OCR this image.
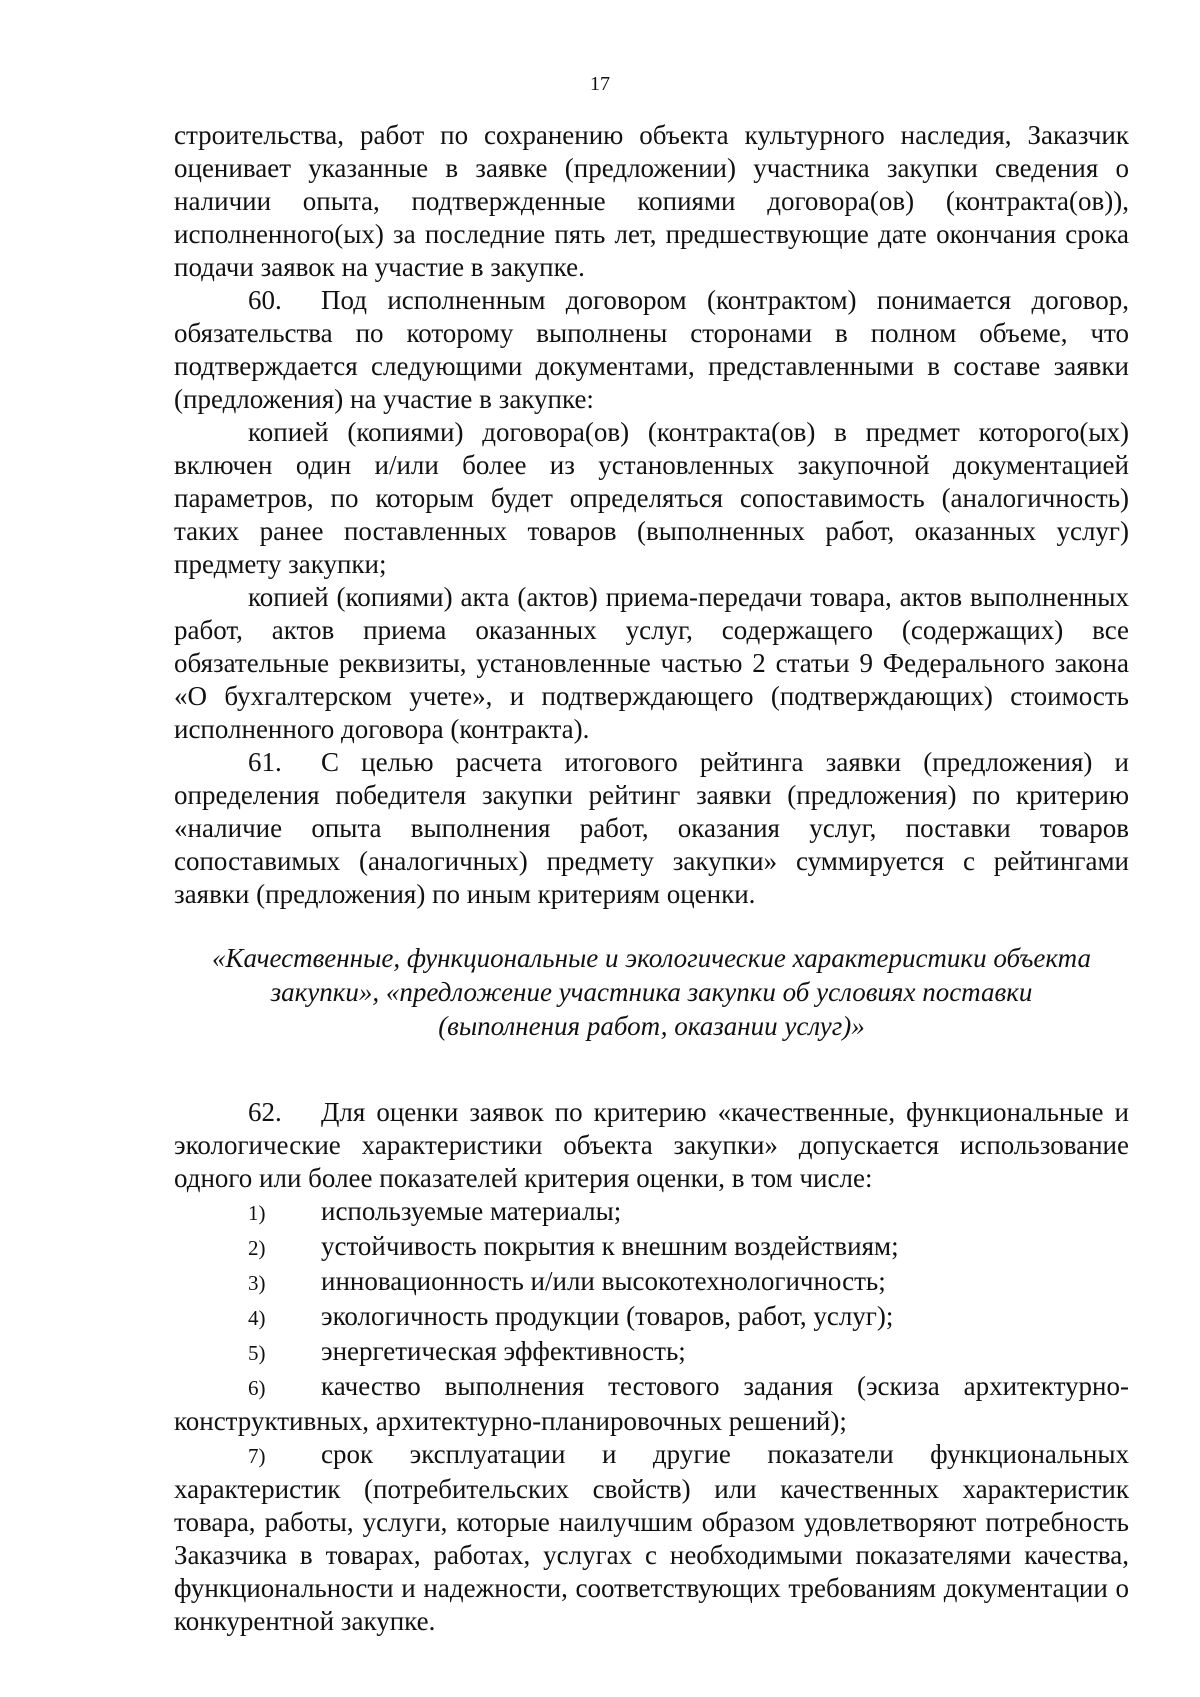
17

строительства, работ по сохранению объекта культурного наследия, Заказчик оценивает указанные в заявке (предложении) участника закупки сведения о наличии опыта, подтвержденные копиями договора(ов) (контракта(ов)), исполненного(ых) за последние пять лет, предшествующие дате окончания срока подачи заявок на участие в закупке.

60. Под исполненным договором (контрактом) понимается договор, обязательства по которому выполнены сторонами в полном объеме, что подтверждается следующими документами, представленными в составе заявки (предложения) на участие в закупке:

копией (копиями) договора(ов) (контракта(ов) в предмет которого(ых) включен один и/или более из установленных закупочной документацией параметров, по которым будет определяться сопоставимость (аналогичность) таких ранее поставленных товаров (выполненных работ, оказанных услуг) предмету закупки;

копией (копиями) акта (актов) приема-передачи товара, актов выполненных работ, актов приема оказанных услуг, содержащего (содержащих) все обязательные реквизиты, установленные частью 2 статьи 9 Федерального закона «О бухгалтерском учете», и подтверждающего (подтверждающих) стоимость исполненного договора (контракта).

61. С целью расчета итогового рейтинга заявки (предложения) и определения победителя закупки рейтинг заявки (предложения) по критерию «наличие опыта выполнения работ, оказания услуг, поставки товаров сопоставимых (аналогичных) предмету закупки» суммируется с рейтингами заявки (предложения) по иным критериям оценки.

«Качественные, функциональные и экологические характеристики объекта
закупки», «предложение участника закупки об условиях поставки
(выполнения работ, оказании услуг)»

62. Для оценки заявок по критерию «качественные, функциональные и экологические характеристики объекта закупки» допускается использование одного или более показателей критерия оценки, в том числе:

1) используемые материалы;

2) устойчивость покрытия к внешним воздействиям;

3) инновационность и/или высокотехнологичность;

4) экологичность продукции (товаров, работ, услуг);

5) энергетическая эффективность;

6) качество выполнения тестового задания (эскиза архитектурно-конструктивных, архитектурно-планировочных решений);

7) срок эксплуатации и другие показатели функциональных характеристик (потребительских свойств) или качественных характеристик товара, работы, услуги, которые наилучшим образом удовлетворяют потребность Заказчика в товарах, работах, услугах с необходимыми показателями качества, функциональности и надежности, соответствующих требованиям документации о конкурентной закупке.
